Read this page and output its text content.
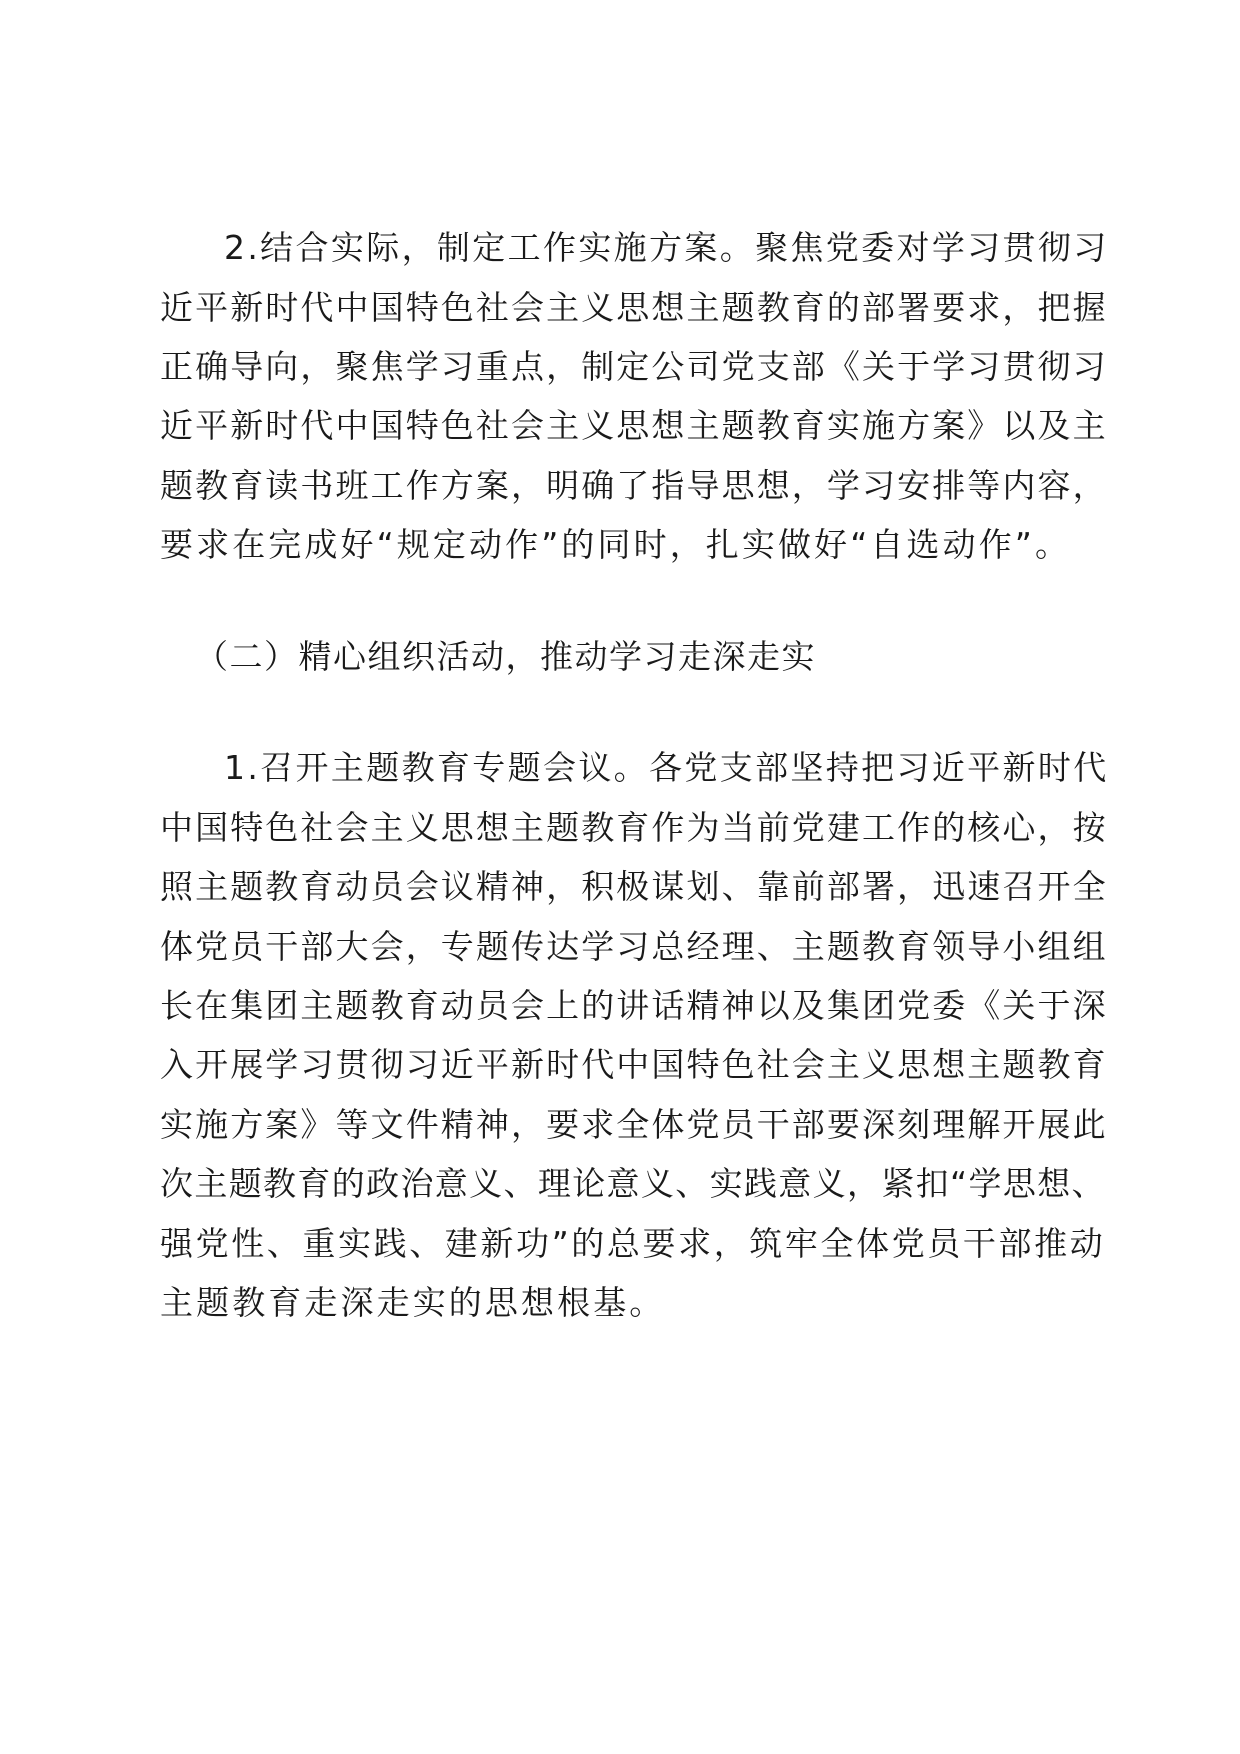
2.结合实际，制定工作实施方案。聚焦党委对学习贯彻习
近平新时代中国特色社会主义思想主题教育的部署要求，把握
正确导向，聚焦学习重点，制定公司党支部《关于学习贯彻习
近平新时代中国特色社会主义思想主题教育实施方案》以及主
题教育读书班工作方案，明确了指导思想，学习安排等内容，
要求在完成好“规定动作”的同时，扎实做好“自选动作”。
（二）精心组织活动，推动学习走深走实
1.召开主题教育专题会议。各党支部坚持把习近平新时代
中国特色社会主义思想主题教育作为当前党建工作的核心，按
照主题教育动员会议精神，积极谋划、靠前部署，迅速召开全
体党员干部大会，专题传达学习总经理、主题教育领导小组组
长在集团主题教育动员会上的讲话精神以及集团党委《关于深
入开展学习贯彻习近平新时代中国特色社会主义思想主题教育
实施方案》等文件精神，要求全体党员干部要深刻理解开展此
次主题教育的政治意义、理论意义、实践意义，紧扣“学思想、
强党性、重实践、建新功”的总要求，筑牢全体党员干部推动
主题教育走深走实的思想根基。
